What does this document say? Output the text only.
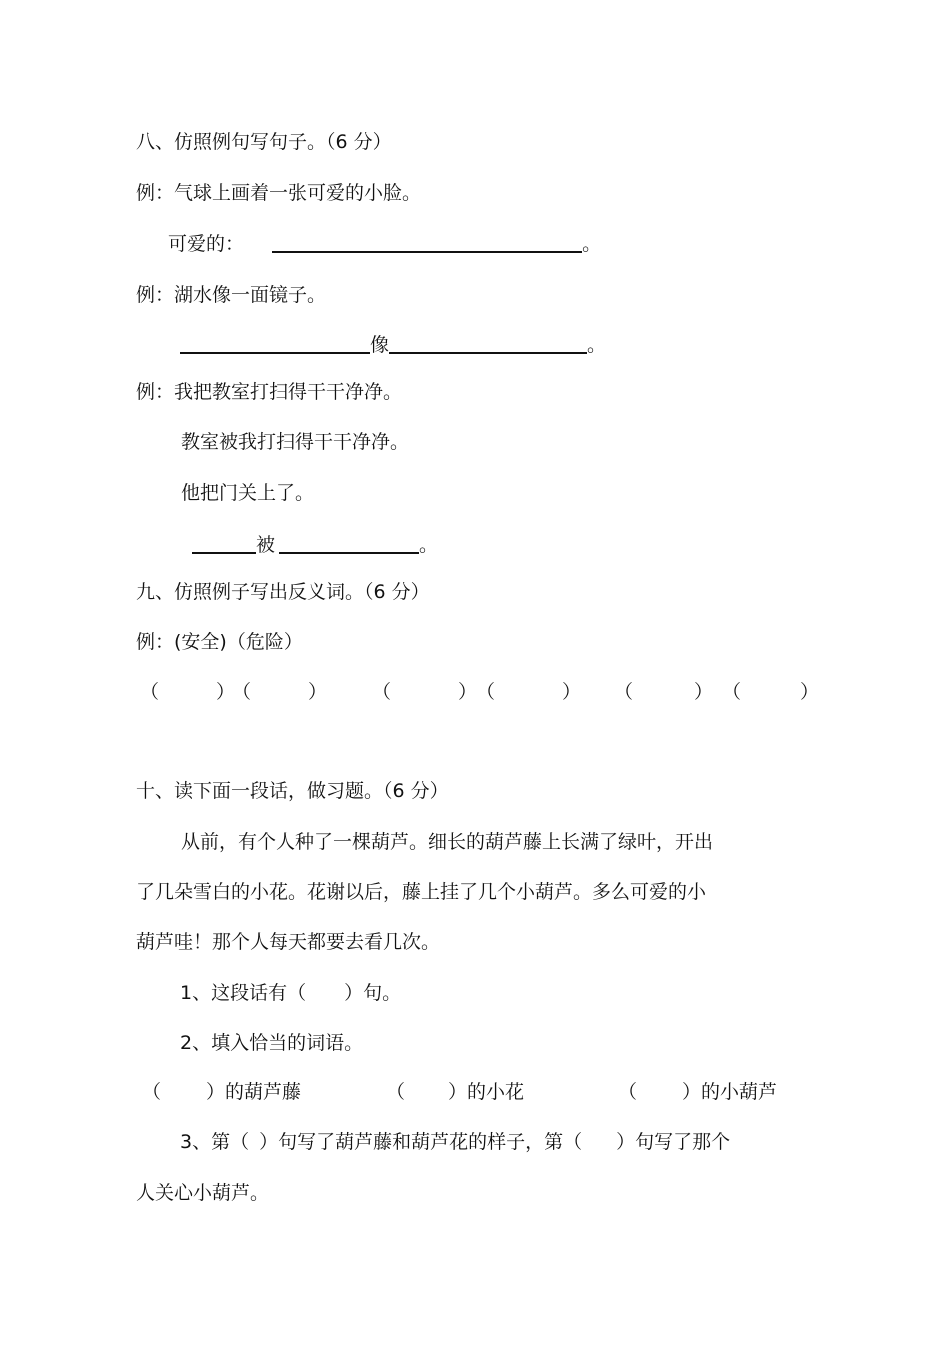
八、仿照例句写句子。（6 分）
例：气球上画着一张可爱的小脸。
可爱的：	。
例：湖水像一面镜子。
像	。
例：我把教室打扫得干干净净。
教室被我打扫得干干净净。
他把门关上了。
被	。
九、仿照例子写出反义词。（6 分）
例：(安全)（危险）
（	）
（	） （	）
（	） （	） （	）
十、读下面一段话，做习题。（6 分）
从前，有个人种了一棵葫芦。细长的葫芦藤上长满了绿叶，开出
了几朵雪白的小花。花谢以后，藤上挂了几个小葫芦。多么可爱的小
葫芦哇！那个人每天都要去看几次。
1、这段话有（ ）句。
2、填入恰当的词语。
（ ）的葫芦藤	（ ）的小花	（ ）的小葫芦
3、第（ ）句写了葫芦藤和葫芦花的样子，第（ ）句写了那个
人关心小葫芦。
